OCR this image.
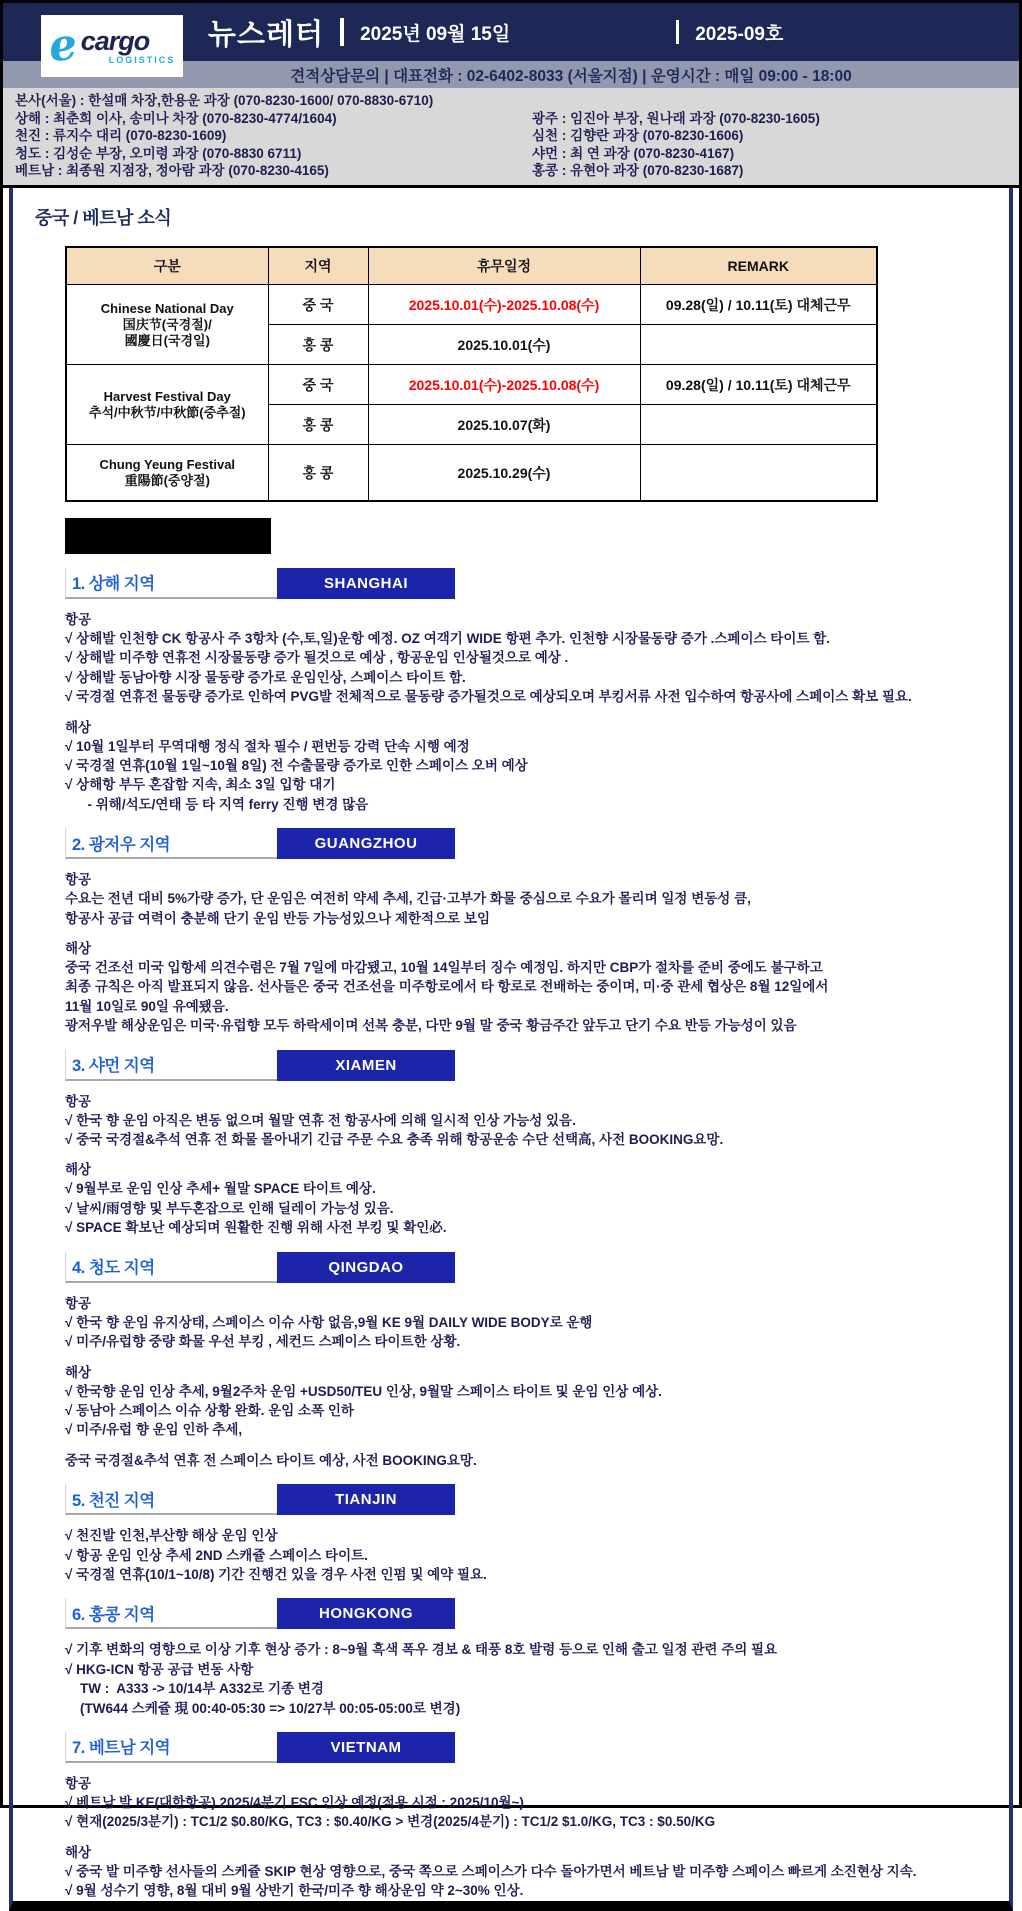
e cargo
LOGISTICS
뉴스레터 2025년 09월 15일	2025-09호
견적상담문의 | 대표전화 : 02-6402-8033 (서울지점) | 운영시간 : 매일 09:00 - 18:00
본사(서울) : 한설매 차장,한용운 과장 (070-8230-1600/ 070-8830-6710)
상해 : 최춘희 이사, 송미나 차장 (070-8230-4774/1604)	광주 : 임진아 부장, 원나래 과장 (070-8230-1605)
천진 : 류지수 대리 (070-8230-1609)	심천 : 김향란 과장 (070-8230-1606)
청도 : 김성순 부장, 오미령 과장 (070-8830 6711)	샤먼 : 최 연 과장 (070-8230-4167)
베트남 : 최종원 지점장, 정아람 과장 (070-8230-4165)	홍콩 : 유현아 과장 (070-8230-1687)
중국 / 베트남 소식
구분	지역	휴무일정	REMARK

Chinese National Day
国庆节(국경절)/
國慶日(국경일)	중 국	2025.10.01(수)-2025.10.08(수)	09.28(일) / 10.11(토) 대체근무
	홍 콩	2025.10.01(수)	

Harvest Festival Day
추석/中秋节/中秋節(중추절)	중 국	2025.10.01(수)-2025.10.08(수)	09.28(일) / 10.11(토) 대체근무
	홍 콩	2025.10.07(화)	

Chung Yeung Festival
重陽節(중양절)	홍 콩	2025.10.29(수)	
1. 상해 지역	SHANGHAI
항공
√ 상해발 인천향 CK 항공사 주 3항차 (수,토,일)운항 예정. OZ 여객기 WIDE 항편 추가. 인천향 시장물동량 증가 .스페이스 타이트 함.
√ 상해발 미주향 연휴전 시장물동량 증가 될것으로 예상 , 항공운임 인상될것으로 예상 .
√ 상해발 동남아향 시장 물동량 증가로 운임인상, 스페이스 타이트 함.
√ 국경절 연휴전 물동량 증가로 인하여 PVG발 전체적으로 물동량 증가될것으로 예상되오며 부킹서류 사전 입수하여 항공사에 스페이스 확보 필요.
해상
√ 10월 1일부터 무역대행 정식 절차 필수 / 편번등 강력 단속 시행 예정
√ 국경절 연휴(10월 1일~10월 8일) 전 수출물량 증가로 인한 스페이스 오버 예상
√ 상해항 부두 혼잡함 지속, 최소 3일 입항 대기
- 위해/석도/연태 등 타 지역 ferry 진행 변경 많음
2. 광저우 지역	GUANGZHOU
항공
수요는 전년 대비 5%가량 증가, 단 운임은 여전히 약세 추세, 긴급·고부가 화물 중심으로 수요가 몰리며 일정 변동성 큼,
항공사 공급 여력이 충분해 단기 운임 반등 가능성있으나 제한적으로 보임
해상
중국 건조선 미국 입항세 의견수렴은 7월 7일에 마감됐고, 10월 14일부터 징수 예정임. 하지만 CBP가 절차를 준비 중에도 불구하고
최종 규칙은 아직 발표되지 않음. 선사들은 중국 건조선을 미주항로에서 타 항로로 전배하는 중이며, 미·중 관세 협상은 8월 12일에서
11월 10일로 90일 유예됐음.
광저우발 해상운임은 미국·유럽향 모두 하락세이며 선복 충분, 다만 9월 말 중국 황금주간 앞두고 단기 수요 반등 가능성이 있음
3. 샤먼 지역	XIAMEN
항공
√ 한국 향 운임 아직은 변동 없으며 월말 연휴 전 항공사에 의해 일시적 인상 가능성 있음.
√ 중국 국경절&추석 연휴 전 화물 몰아내기 긴급 주문 수요 충족 위해 항공운송 수단 선택高, 사전 BOOKING요망.
해상
√ 9월부로 운임 인상 추세+ 월말 SPACE 타이트 예상.
√ 날씨/雨영향 및 부두혼잡으로 인해 딜레이 가능성 있음.
√ SPACE 확보난 예상되며 원활한 진행 위해 사전 부킹 및 확인必.
4. 청도 지역	QINGDAO
항공
√ 한국 향 운임 유지상태, 스페이스 이슈 사항 없음,9월 KE 9월 DAILY WIDE BODY로 운행
√ 미주/유럽향 중량 화물 우선 부킹 , 세컨드 스페이스 타이트한 상황.
해상
√ 한국향 운임 인상 추세, 9월2주차 운임 +USD50/TEU 인상, 9월말 스페이스 타이트 및 운임 인상 예상.
√ 동남아 스페이스 이슈 상황 완화. 운임 소폭 인하
√ 미주/유럽 향 운임 인하 추세,
중국 국경절&추석 연휴 전 스페이스 타이트 예상, 사전 BOOKING요망.
5. 천진 지역	TIANJIN
√ 천진발 인천,부산향 해상 운임 인상
√ 항공 운임 인상 추세 2ND 스캐쥴 스페이스 타이트.
√ 국경절 연휴(10/1~10/8) 기간 진행건 있을 경우 사전 인펌 및 예약 필요.
6. 홍콩 지역	HONGKONG
√ 기후 변화의 영향으로 이상 기후 현상 증가 : 8~9월 흑색 폭우 경보 & 태풍 8호 발령 등으로 인해 출고 일정 관련 주의 필요
√ HKG-ICN 항공 공급 변동 사항
TW :  A333 -> 10/14부 A332로 기종 변경
(TW644 스케쥴 現 00:40-05:30 => 10/27부 00:05-05:00로 변경)
7. 베트남 지역	VIETNAM
항공
√ 베트남 발 KE(대한항공) 2025/4분기 FSC 인상 예정(적용 시점 : 2025/10월~)
√ 현재(2025/3분기) : TC1/2 $0.80/KG, TC3 : $0.40/KG > 변경(2025/4분기) : TC1/2 $1.0/KG, TC3 : $0.50/KG
해상
√ 중국 발 미주향 선사들의 스케쥴 SKIP 현상 영향으로, 중국 쪽으로 스페이스가 다수 돌아가면서 베트남 발 미주향 스페이스 빠르게 소진현상 지속.
√ 9월 성수기 영향, 8월 대비 9월 상반기 한국/미주 향 해상운임 약 2~30% 인상.
